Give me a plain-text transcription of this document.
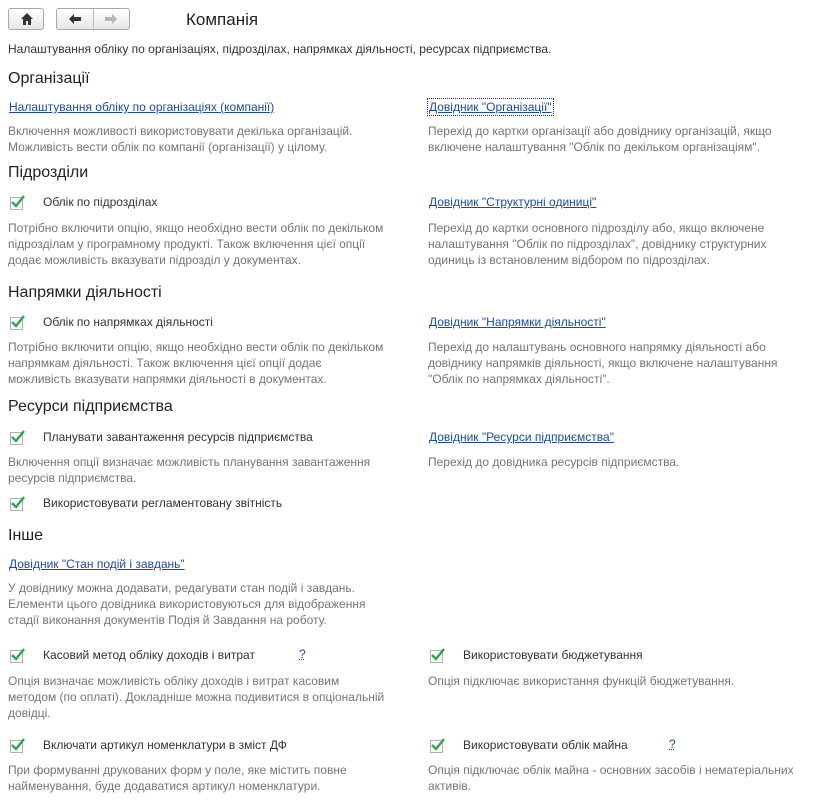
Компанія
Налаштування обліку по організаціях, підрозділах, напрямках діяльності, ресурсах підприємства.
Організації
Налаштування обліку по організаціях (компанії)
Включення можливості використовувати декілька організацій.
Можливість вести облік по компанії (організації) у цілому.
Довідник "Організації"
Перехід до картки організації або довіднику організацій, якщо
включене налаштування "Облік по декільком організаціям".
Підрозділи
Облік по підрозділах
Потрібно включити опцію, якщо необхідно вести облік по декільком
підрозділам у програмному продукті. Також включення цієї опції
додає можливість вказувати підрозділ у документах.
Довідник "Структурні одиниці"
Перехід до картки основного підрозділу або, якщо включене
налаштування "Облік по підрозділах", довіднику структурних
одиниць із встановленим відбором по підрозділах.
Напрямки діяльності
Облік по напрямках діяльності
Потрібно включити опцію, якщо необхідно вести облік по декільком
напрямкам діяльності. Також включення цієї опції додає
можливість вказувати напрямки діяльності в документах.
Довідник "Напрямки діяльності"
Перехід до налаштувань основного напрямку діяльності або
довіднику напрямків діяльності, якщо включене налаштування
"Облік по напрямках діяльності".
Ресурси підприємства
Планувати завантаження ресурсів підприємства
Включення опції визначає можливість планування завантаження
ресурсів підприємства.
Довідник "Ресурси підприємства"
Перехід до довідника ресурсів підприємства.
Використовувати регламентовану звітність
Інше
Довідник "Стан подій і завдань"
У довіднику можна додавати, редагувати стан подій і завдань.
Елементи цього довідника використовуються для відображення
стадії виконання документів Подія й Завдання на роботу.
Касовий метод обліку доходів і витрат	?
Опція визначає можливість обліку доходів і витрат касовим
методом (по оплаті). Докладніше можна подивитися в опціональній
довідці.
Використовувати бюджетування
Опція підключає використання функцій бюджетування.
Включати артикул номенклатури в зміст ДФ
При формуванні друкованих форм у поле, яке містить повне
найменування, буде додаватися артикул номенклатури.
Використовувати облік майна	?
Опція підключає облік майна - основних засобів і нематеріальних
активів.
